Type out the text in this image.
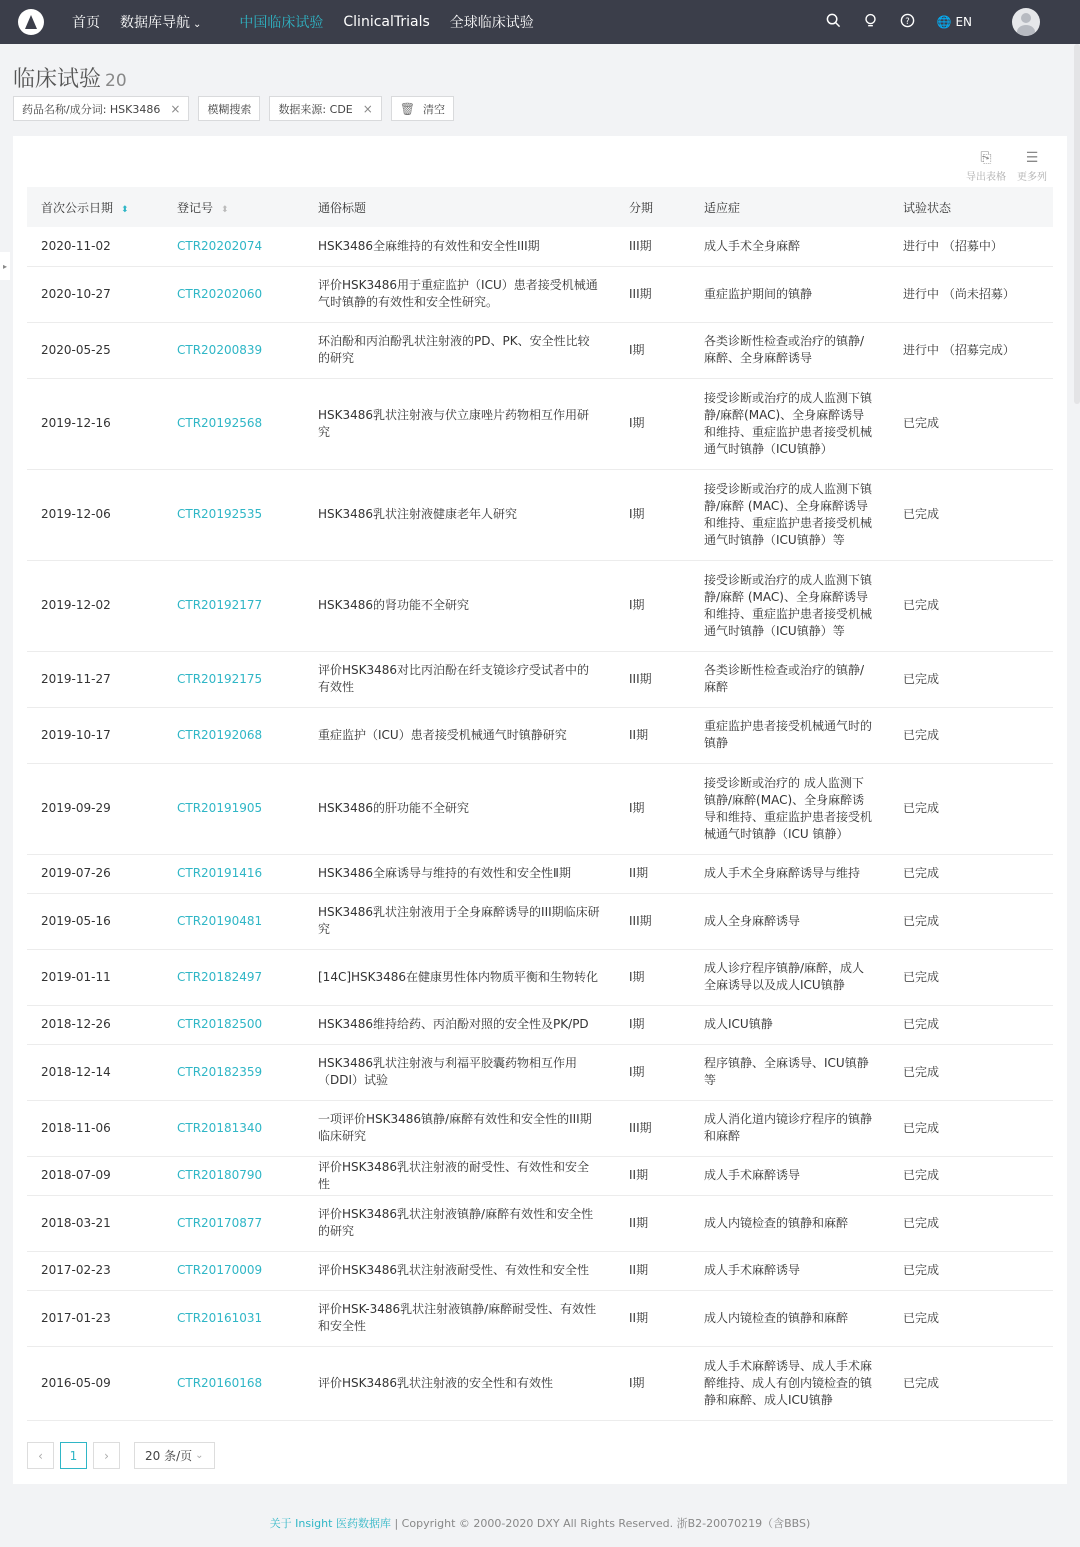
首页 数据库导航 ⌄	中国临床试验 ClinicalTrials 全球临床试验	? 🌐 EN
临床试验 20
药品名称/成分词: HSK3486 × 模糊搜索 数据来源: CDE × 🗑 清空
⎘
导出表格
☰
更多列
首次公示日期 ⬍	登记号 ⬍	通俗标题	分期	适应症	试验状态
2020-11-02	CTR20202074	HSK3486全麻维持的有效性和安全性III期	III期	成人手术全身麻醉	进行中 （招募中）
2020-10-27	CTR20202060	评价HSK3486用于重症监护（ICU）患者接受机械通气时镇静的有效性和安全性研究。	III期	重症监护期间的镇静	进行中 （尚未招募）
2020-05-25	CTR20200839	环泊酚和丙泊酚乳状注射液的PD、PK、安全性比较的研究	I期	各类诊断性检查或治疗的镇静/麻醉、全身麻醉诱导	进行中 （招募完成）
2019-12-16	CTR20192568	HSK3486乳状注射液与伏立康唑片药物相互作用研究	I期	接受诊断或治疗的成人监测下镇静/麻醉(MAC)、全身麻醉诱导和维持、重症监护患者接受机械通气时镇静（ICU镇静）	已完成
2019-12-06	CTR20192535	HSK3486乳状注射液健康老年人研究	I期	接受诊断或治疗的成人监测下镇静/麻醉 (MAC)、全身麻醉诱导和维持、重症监护患者接受机械通气时镇静（ICU镇静）等	已完成
2019-12-02	CTR20192177	HSK3486的肾功能不全研究	I期	接受诊断或治疗的成人监测下镇静/麻醉 (MAC)、全身麻醉诱导和维持、重症监护患者接受机械通气时镇静（ICU镇静）等	已完成
2019-11-27	CTR20192175	评价HSK3486对比丙泊酚在纤支镜诊疗受试者中的有效性	III期	各类诊断性检查或治疗的镇静/麻醉	已完成
2019-10-17	CTR20192068	重症监护（ICU）患者接受机械通气时镇静研究	II期	重症监护患者接受机械通气时的镇静	已完成
2019-09-29	CTR20191905	HSK3486的肝功能不全研究	I期	接受诊断或治疗的 成人监测下镇静/麻醉(MAC)、全身麻醉诱导和维持、重症监护患者接受机械通气时镇静（ICU 镇静）	已完成
2019-07-26	CTR20191416	HSK3486全麻诱导与维持的有效性和安全性Ⅱ期	II期	成人手术全身麻醉诱导与维持	已完成
2019-05-16	CTR20190481	HSK3486乳状注射液用于全身麻醉诱导的III期临床研究	III期	成人全身麻醉诱导	已完成
2019-01-11	CTR20182497	[14C]HSK3486在健康男性体内物质平衡和生物转化	I期	成人诊疗程序镇静/麻醉，成人全麻诱导以及成人ICU镇静	已完成
2018-12-26	CTR20182500	HSK3486维持给药、丙泊酚对照的安全性及PK/PD	I期	成人ICU镇静	已完成
2018-12-14	CTR20182359	HSK3486乳状注射液与利福平胶囊药物相互作用（DDI）试验	I期	程序镇静、全麻诱导、ICU镇静等	已完成
2018-11-06	CTR20181340	一项评价HSK3486镇静/麻醉有效性和安全性的III期临床研究	III期	成人消化道内镜诊疗程序的镇静和麻醉	已完成
2018-07-09	CTR20180790	评价HSK3486乳状注射液的耐受性、有效性和安全性	II期	成人手术麻醉诱导	已完成
2018-03-21	CTR20170877	评价HSK3486乳状注射液镇静/麻醉有效性和安全性的研究	II期	成人内镜检查的镇静和麻醉	已完成
2017-02-23	CTR20170009	评价HSK3486乳状注射液耐受性、有效性和安全性	II期	成人手术麻醉诱导	已完成
2017-01-23	CTR20161031	评价HSK-3486乳状注射液镇静/麻醉耐受性、有效性和安全性	II期	成人内镜检查的镇静和麻醉	已完成
2016-05-09	CTR20160168	评价HSK3486乳状注射液的安全性和有效性	I期	成人手术麻醉诱导、成人手术麻醉维持、成人有创内镜检查的镇静和麻醉、成人ICU镇静	已完成
‹	1	›	20 条/页 ⌄
▸
关于 Insight 医药数据库 | Copyright © 2000-2020 DXY All Rights Reserved. 浙B2-20070219（含BBS)
